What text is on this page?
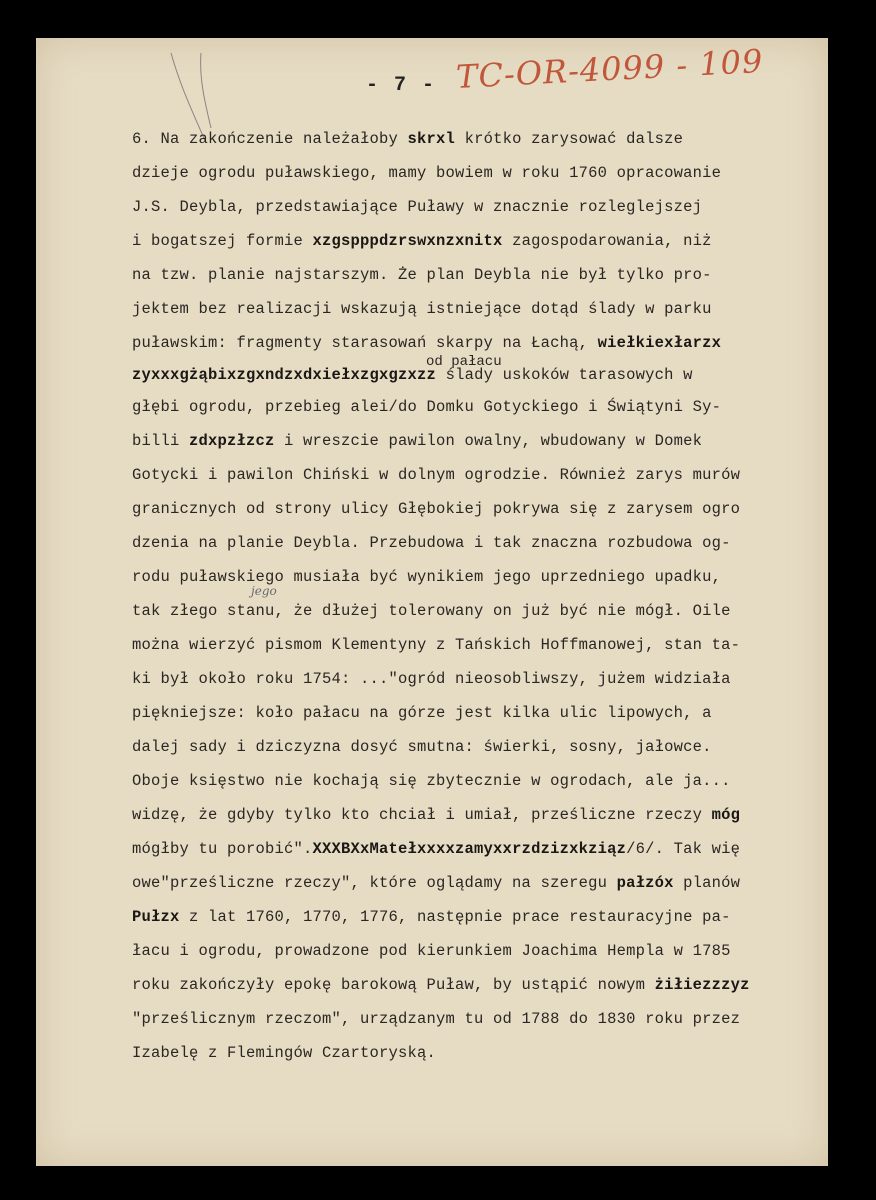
- 7 - TC-OR-4099 - 109
6. Na zakończenie należałoby skrxl krótko zarysować dalsze
dzieje ogrodu puławskiego, mamy bowiem w roku 1760 opracowanie
J.S. Deybla, przedstawiające Puławy w znacznie rozleglejszej
i bogatszej formie xzgspppdzrswxnzxnitx zagospodarowania, niż
na tzw. planie najstarszym. Że plan Deybla nie był tylko pro-
jektem bez realizacji wskazują istniejące dotąd ślady w parku
puławskim: fragmenty starasowań skarpy na Łachą, wiełkiexłarzx
zyxxxgżąbixzgxndzxdxiełxzgxgzxzz ślady uskoków tarasowych w
od pałacu
głębi ogrodu, przebieg alei/do Domku Gotyckiego i Świątyni Sy-
billi zdxpzłzcz i wreszcie pawilon owalny, wbudowany w Domek
Gotycki i pawilon Chiński w dolnym ogrodzie. Również zarys murów
granicznych od strony ulicy Głębokiej pokrywa się z zarysem ogro
dzenia na planie Deybla. Przebudowa i tak znaczna rozbudowa og-
rodu puławskiego musiała być wynikiem jego uprzedniego upadku,
jego
tak złego stanu, że dłużej tolerowany on już być nie mógł. Oile
można wierzyć pismom Klementyny z Tańskich Hoffmanowej, stan ta-
ki był około roku 1754: ..."ogród nieosobliwszy, jużem widziała
piękniejsze: koło pałacu na górze jest kilka ulic lipowych, a
dalej sady i dziczyzna dosyć smutna: świerki, sosny, jałowce.
Oboje księstwo nie kochają się zbytecznie w ogrodach, ale ja...
widzę, że gdyby tylko kto chciał i umiał, prześliczne rzeczy móg
mógłby tu porobić".XXXBXxMatełxxxxzamyxxrzdzizxkziąz/6/. Tak wię
owe"prześliczne rzeczy", które oglądamy na szeregu pałzóx planów
Pułzx z lat 1760, 1770, 1776, następnie prace restauracyjne pa-
łacu i ogrodu, prowadzone pod kierunkiem Joachima Hempla w 1785
roku zakończyły epokę barokową Puław, by ustąpić nowym żiłiezzzyz
"prześlicznym rzeczom", urządzanym tu od 1788 do 1830 roku przez
Izabelę z Flemingów Czartoryską.
